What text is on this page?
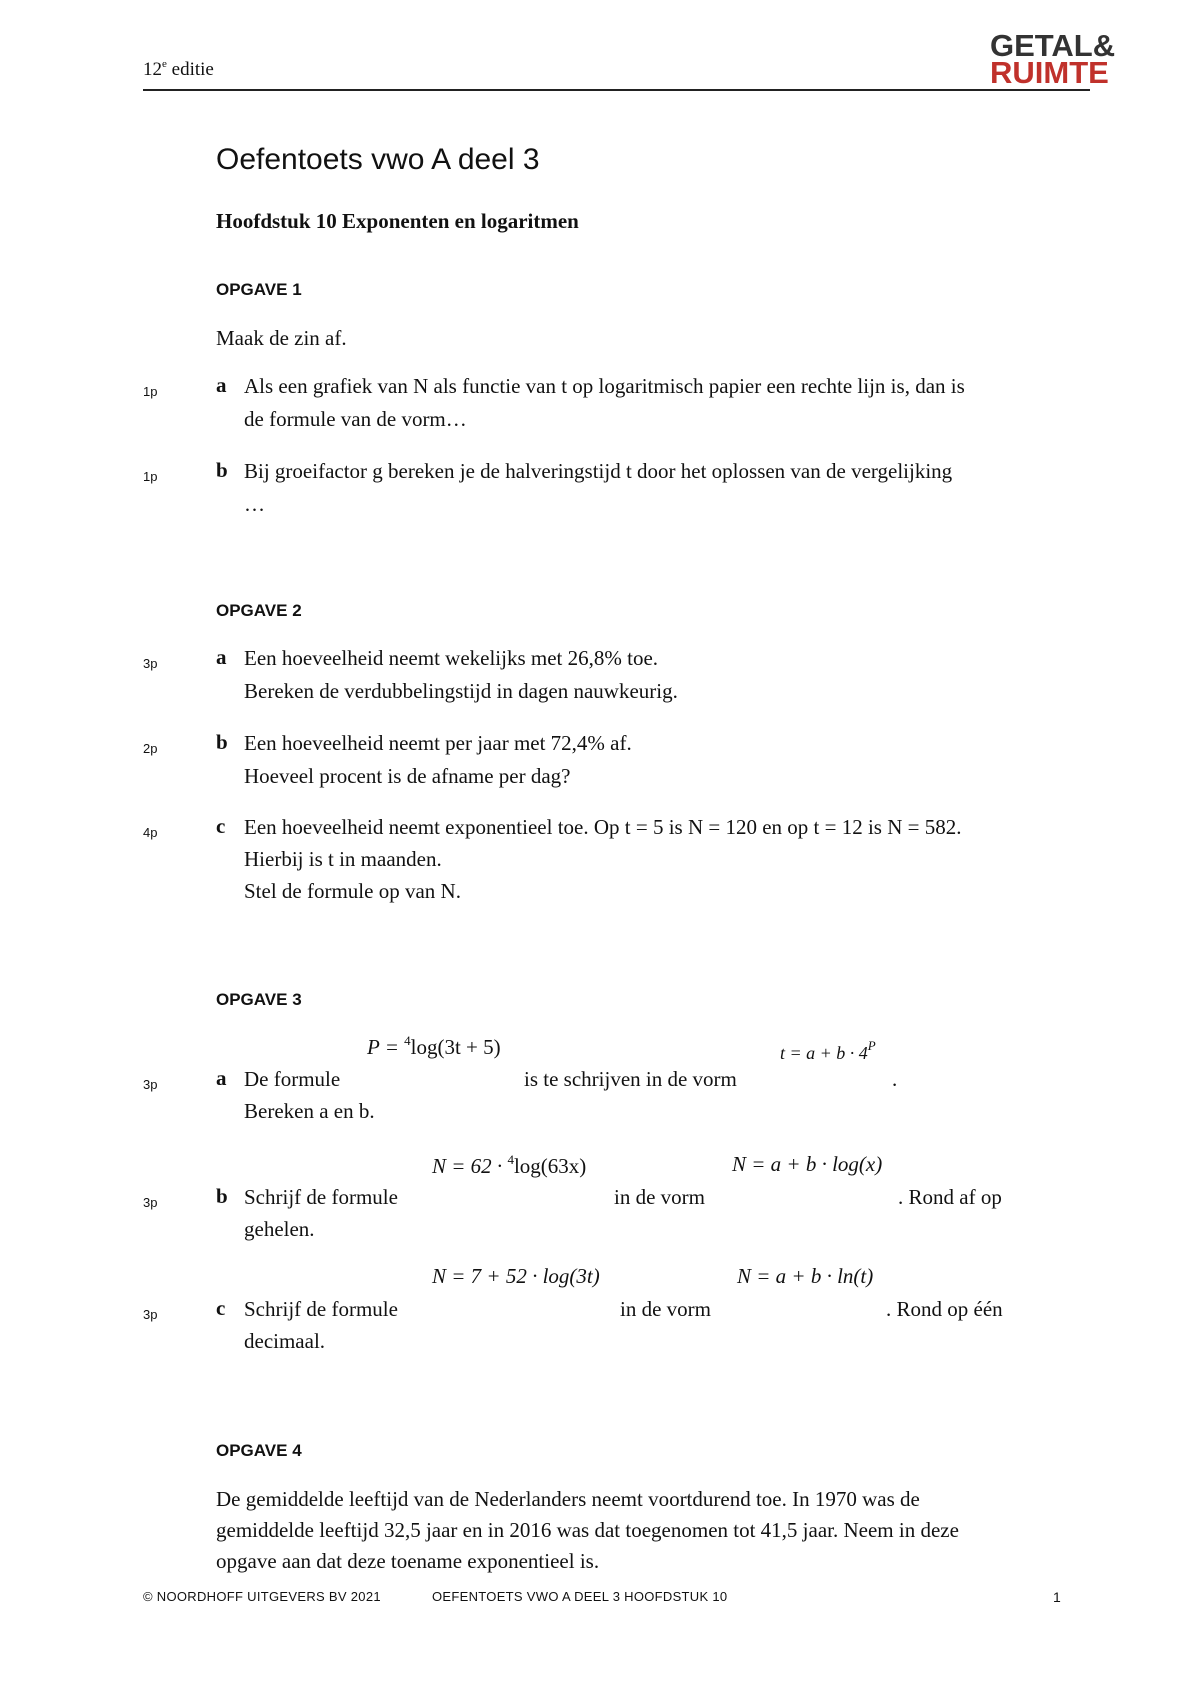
12e editie
GETAL&
RUIMTE
Oefentoets vwo A deel 3
Hoofdstuk 10 Exponenten en logaritmen
OPGAVE 1
Maak de zin af.
1p	a Als een grafiek van N als functie van t op logaritmisch papier een rechte lijn is, dan is
de formule van de vorm…
1p	b Bij groeifactor g bereken je de halveringstijd t door het oplossen van de vergelijking
…
OPGAVE 2
3p	a Een hoeveelheid neemt wekelijks met 26,8% toe.
Bereken de verdubbelingstijd in dagen nauwkeurig.
2p	b Een hoeveelheid neemt per jaar met 72,4% af.
Hoeveel procent is de afname per dag?
4p	c Een hoeveelheid neemt exponentieel toe. Op t = 5 is N = 120 en op t = 12 is N = 582.
Hierbij is t in maanden.
Stel de formule op van N.
OPGAVE 3
P = $^4$log(3t + 5)	$t = a + b \cdot 4^P$
3p	a De formule	is te schrijven in de vorm	.
Bereken a en b.
N = 62 · $^4$log(63x)	N = a + b · log(x)
3p	b Schrijf de formule	in de vorm	. Rond af op
gehelen.
N = 7 + 52 · log(3t)	N = a + b · ln(t)
3p	c Schrijf de formule	in de vorm	. Rond op één
decimaal.
OPGAVE 4
De gemiddelde leeftijd van de Nederlanders neemt voortdurend toe. In 1970 was de
gemiddelde leeftijd 32,5 jaar en in 2016 was dat toegenomen tot 41,5 jaar. Neem in deze
opgave aan dat deze toename exponentieel is.
© NOORDHOFF UITGEVERS BV 2021	OEFENTOETS VWO A DEEL 3 HOOFDSTUK 10	1
